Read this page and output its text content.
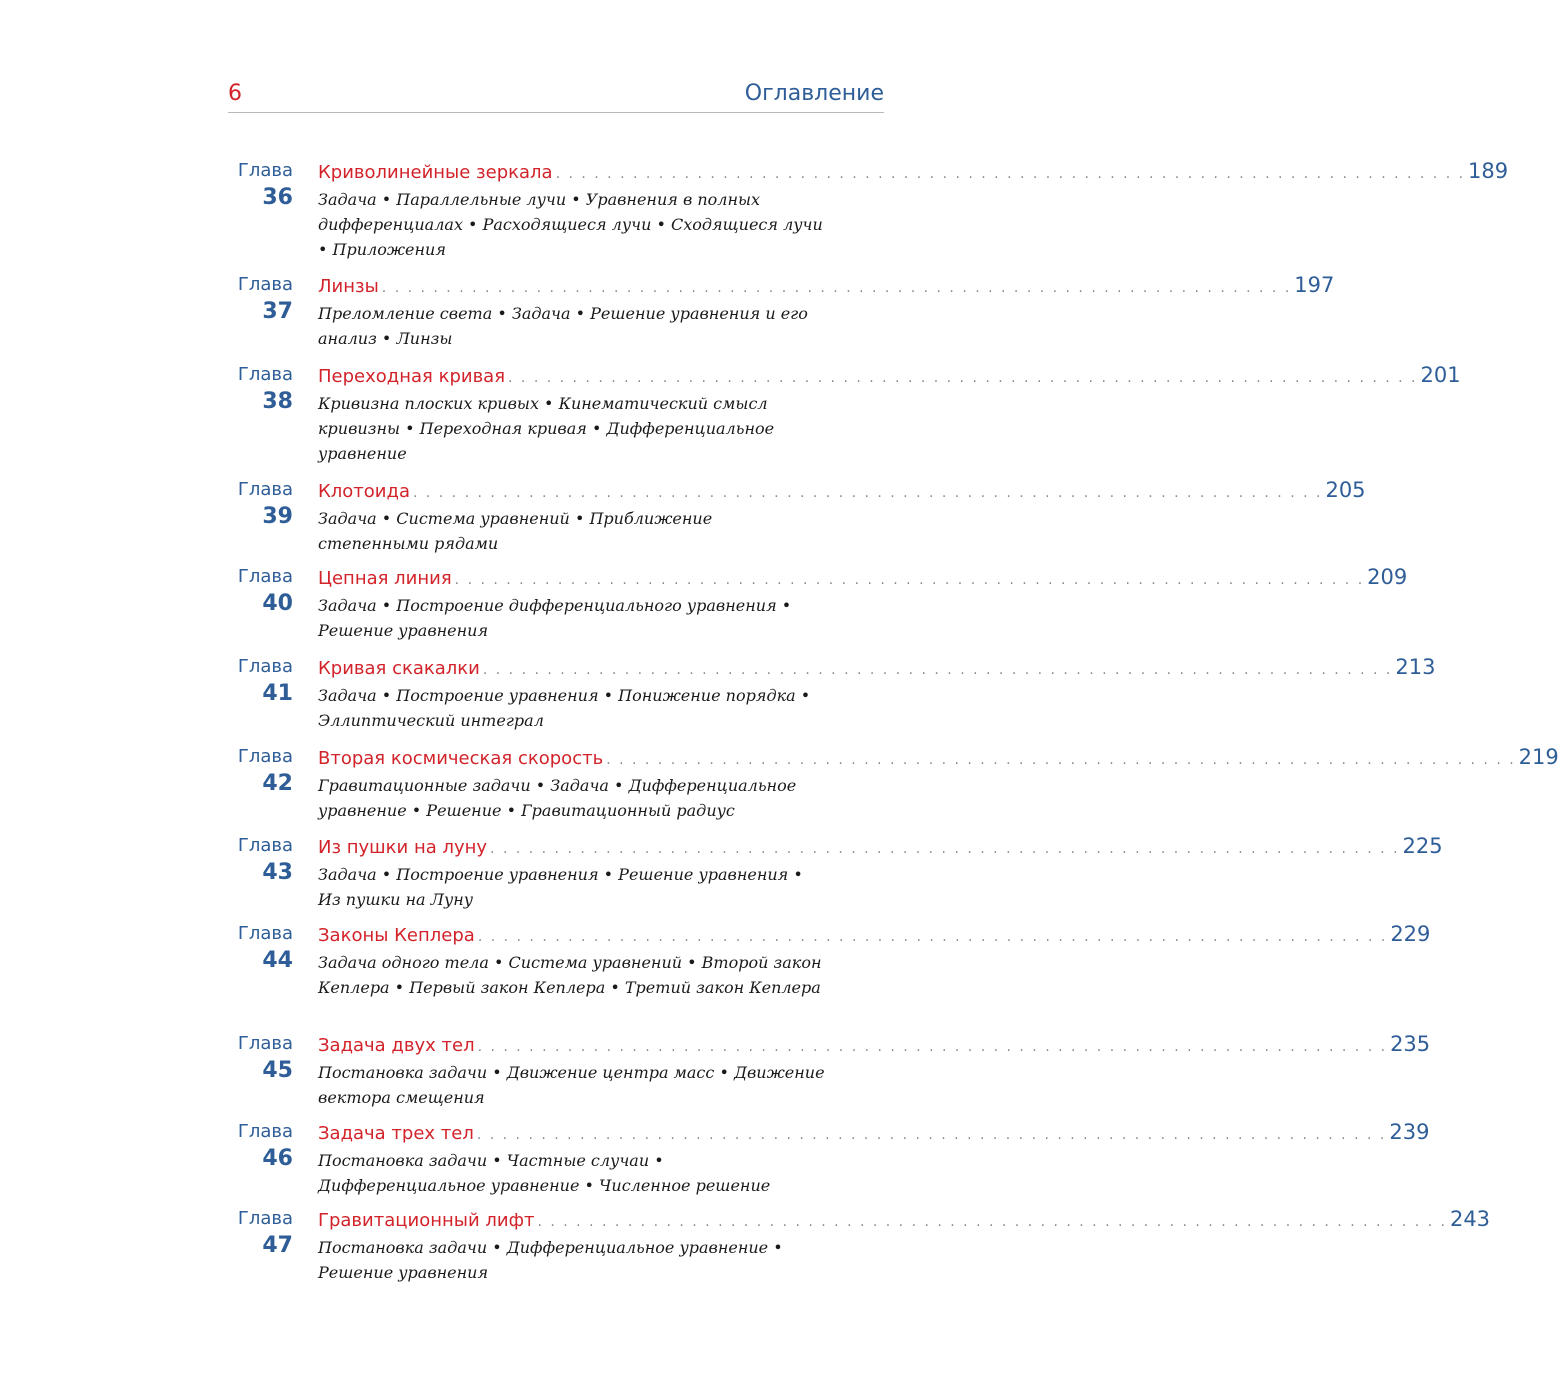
6	Оглавление
Глава
36
Криволинейные зеркала . . . . . . . . . . . . . . . . . . . . . . . . . . . . . . . . . . . . . . . . . . . . . . . . . . . . . . . . . . . . . . . . . . . . . . . 189
Задача • Параллельные лучи • Уравнения в полных дифференциалах • Расходящиеся лучи • Сходящиеся лучи • Приложения
Глава
37
Линзы . . . . . . . . . . . . . . . . . . . . . . . . . . . . . . . . . . . . . . . . . . . . . . . . . . . . . . . . . . . . . . . . . . . . . . . 197
Преломление света • Задача • Решение уравнения и его анализ • Линзы
Глава
38
Переходная кривая . . . . . . . . . . . . . . . . . . . . . . . . . . . . . . . . . . . . . . . . . . . . . . . . . . . . . . . . . . . . . . . . . . . . . . . 201
Кривизна плоских кривых • Кинематический смысл кривизны • Переходная кривая • Дифференциальное уравнение
Глава
39
Клотоида . . . . . . . . . . . . . . . . . . . . . . . . . . . . . . . . . . . . . . . . . . . . . . . . . . . . . . . . . . . . . . . . . . . . . . . 205
Задача • Система уравнений • Приближение степенными рядами
Глава
40
Цепная линия . . . . . . . . . . . . . . . . . . . . . . . . . . . . . . . . . . . . . . . . . . . . . . . . . . . . . . . . . . . . . . . . . . . . . . . 209
Задача • Построение дифференциального уравнения • Решение уравнения
Глава
41
Кривая скакалки . . . . . . . . . . . . . . . . . . . . . . . . . . . . . . . . . . . . . . . . . . . . . . . . . . . . . . . . . . . . . . . . . . . . . . . 213
Задача • Построение уравнения • Понижение порядка • Эллиптический интеграл
Глава
42
Вторая космическая скорость . . . . . . . . . . . . . . . . . . . . . . . . . . . . . . . . . . . . . . . . . . . . . . . . . . . . . . . . . . . . . . . . . . . . . . . 219
Гравитационные задачи • Задача • Дифференциальное уравнение • Решение • Гравитационный радиус
Глава
43
Из пушки на луну . . . . . . . . . . . . . . . . . . . . . . . . . . . . . . . . . . . . . . . . . . . . . . . . . . . . . . . . . . . . . . . . . . . . . . . 225
Задача • Построение уравнения • Решение уравнения • Из пушки на Луну
Глава
44
Законы Кеплера . . . . . . . . . . . . . . . . . . . . . . . . . . . . . . . . . . . . . . . . . . . . . . . . . . . . . . . . . . . . . . . . . . . . . . . 229
Задача одного тела • Система уравнений • Второй закон Кеплера • Первый закон Кеплера • Третий закон Кеплера
Глава
45
Задача двух тел . . . . . . . . . . . . . . . . . . . . . . . . . . . . . . . . . . . . . . . . . . . . . . . . . . . . . . . . . . . . . . . . . . . . . . . 235
Постановка задачи • Движение центра масс • Движение вектора смещения
Глава
46
Задача трех тел . . . . . . . . . . . . . . . . . . . . . . . . . . . . . . . . . . . . . . . . . . . . . . . . . . . . . . . . . . . . . . . . . . . . . . . 239
Постановка задачи • Частные случаи • Дифференциальное уравнение • Численное решение
Глава
47
Гравитационный лифт . . . . . . . . . . . . . . . . . . . . . . . . . . . . . . . . . . . . . . . . . . . . . . . . . . . . . . . . . . . . . . . . . . . . . . . 243
Постановка задачи • Дифференциальное уравнение • Решение уравнения
